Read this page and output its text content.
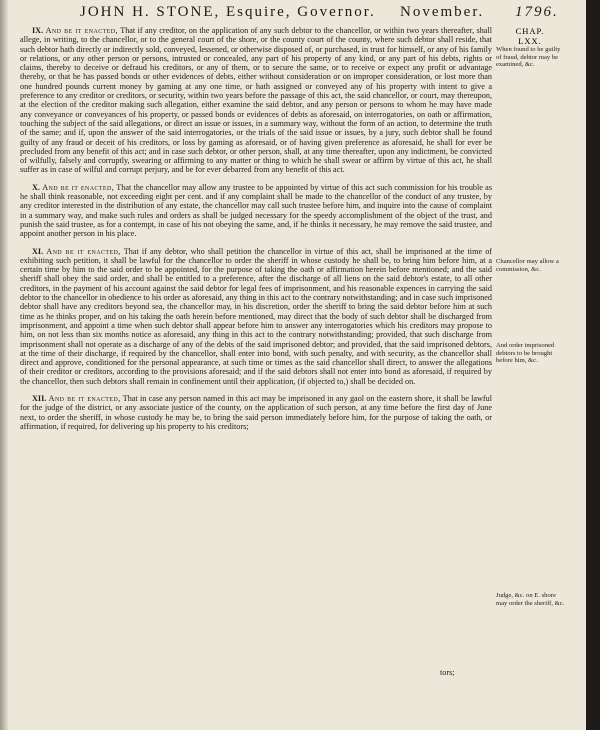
JOHN H. STONE, Esquire, Governor. November. 1796.
CHAP.
LXX.

IX. And be it enacted, That if any creditor, on the application of any such debtor to the chancellor, or within two years thereafter, shall allege, in writing, to the chancellor, or to the general court of the shore, or the county court of the county, where such debtor shall reside, that such debtor hath directly or indirectly sold, conveyed, lessened, or otherwise disposed of, or purchased, in trust for himself, or any of his family or relations, or any other person or persons, intrusted or concealed, any part of his property of any kind, or any part of his debts, rights or claims, thereby to deceive or defraud his creditors, or any of them, or to secure the same, or to receive or expect any profit or advantage thereby, or that he has passed bonds or other evidences of debts, either without consideration or on improper consideration, or lost more than one hundred pounds current money by gaming at any one time, or hath assigned or conveyed any of his property with intent to give a preference to any creditor or creditors, or security, within two years before the passage of this act, the said chancellor, or court, may thereupon, at the election of the creditor making such allegation, either examine the said debtor, and any person or persons to whom he may have made any conveyance or conveyances of his property, or passed bonds or evidences of debts as aforesaid, on interrogatories, on oath or affirmation, touching the subject of the said allegations, or direct an issue or issues, in a summary way, without the form of an action, to determine the truth of the same; and if, upon the answer of the said interrogatories, or the trials of the said issue or issues, by a jury, such debtor shall be found guilty of any fraud or deceit of his creditors, or loss by gaming as aforesaid, or of having given preference as aforesaid, he shall for ever be precluded from any benefit of this act; and in case such debtor, or other person, shall, at any time thereafter, upon any indictment, be convicted of wilfully, falsely and corruptly, swearing or affirming to any matter or thing to which he shall swear or affirm by virtue of this act, he shall suffer as in case of wilful and corrupt perjury, and be for ever debarred from any benefit of this act.

X. And be it enacted, That the chancellor may allow any trustee to be appointed by virtue of this act such commission for his trouble as he shall think reasonable, not exceeding eight per cent. and if any complaint shall be made to the chancellor of the conduct of any trustee, by any creditor interested in the distribution of any estate, the chancellor may call such trustee before him, and inquire into the cause of complaint in a summary way, and make such rules and orders as shall be judged necessary for the speedy accomplishment of the object of the trust, and punish the said trustee, as for a contempt, in case of his not obeying the same, and, if he thinks it necessary, he may remove the said trustee, and appoint another person in his place.

XI. And be it enacted, That if any debtor, who shall petition the chancellor in virtue of this act, shall be imprisoned at the time of exhibiting such petition, it shall be lawful for the chancellor to order the sheriff in whose custody he shall be, to bring him before him, at a certain time by him to the said order to be appointed, for the purpose of taking the oath or affirmation herein before mentioned; and the said sheriff shall obey the said order, and shall be entitled to a preference, after the discharge of all liens on the said debtor's estate, to all other creditors, in the payment of his account against the said debtor for legal fees of imprisonment, and his reasonable expences in carrying the said debtor to the chancellor in obedience to his order as aforesaid, any thing in this act to the contrary notwithstanding; and in case such imprisoned debtor shall have any creditors beyond sea, the chancellor may, in his discretion, order the sheriff to bring the said debtor before him at such time as he thinks proper, and on his taking the oath herein before mentioned, may direct that the body of such debtor shall be discharged from imprisonment, and appoint a time when such debtor shall appear before him to answer any interrogatories which his creditors may propose to him, on not less than six months notice as aforesaid, any thing in this act to the contrary notwithstanding; provided, that such discharge from imprisonment shall not operate as a discharge of any of the debts of the said imprisoned debtor; and provided, that the said imprisoned debtors, at the time of their discharge, if required by the chancellor, shall enter into bond, with such penalty, and with security, as the chancellor shall direct and approve, conditioned for the personal appearance, at such time or times as the said chancellor shall direct, to answer the allegations of their creditor or creditors, according to the provisions aforesaid; and if the said debtors shall not enter into bond as aforesaid, if required by the chancellor, then such debtors shall remain in confinement until their application, (if objected to,) shall be decided on.

XII. And be it enacted, That in case any person named in this act may be imprisoned in any gaol on the eastern shore, it shall be lawful for the judge of the district, or any associate justice of the county, on the application of such person, at any time before the first day of June next, to order the sheriff, in whose custody he may be, to bring the said person immediately before him, for the purpose of taking the oath, or affirmation, if required, for delivering up his property to his creditors;

When found to be guilty of fraud, debtor may be examined, &c.
Chancellor may allow a commission, &c.
And order imprisoned debtors to be brought before him, &c.
Judge, &c. on E. shore may order the sheriff, &c.
tors;
